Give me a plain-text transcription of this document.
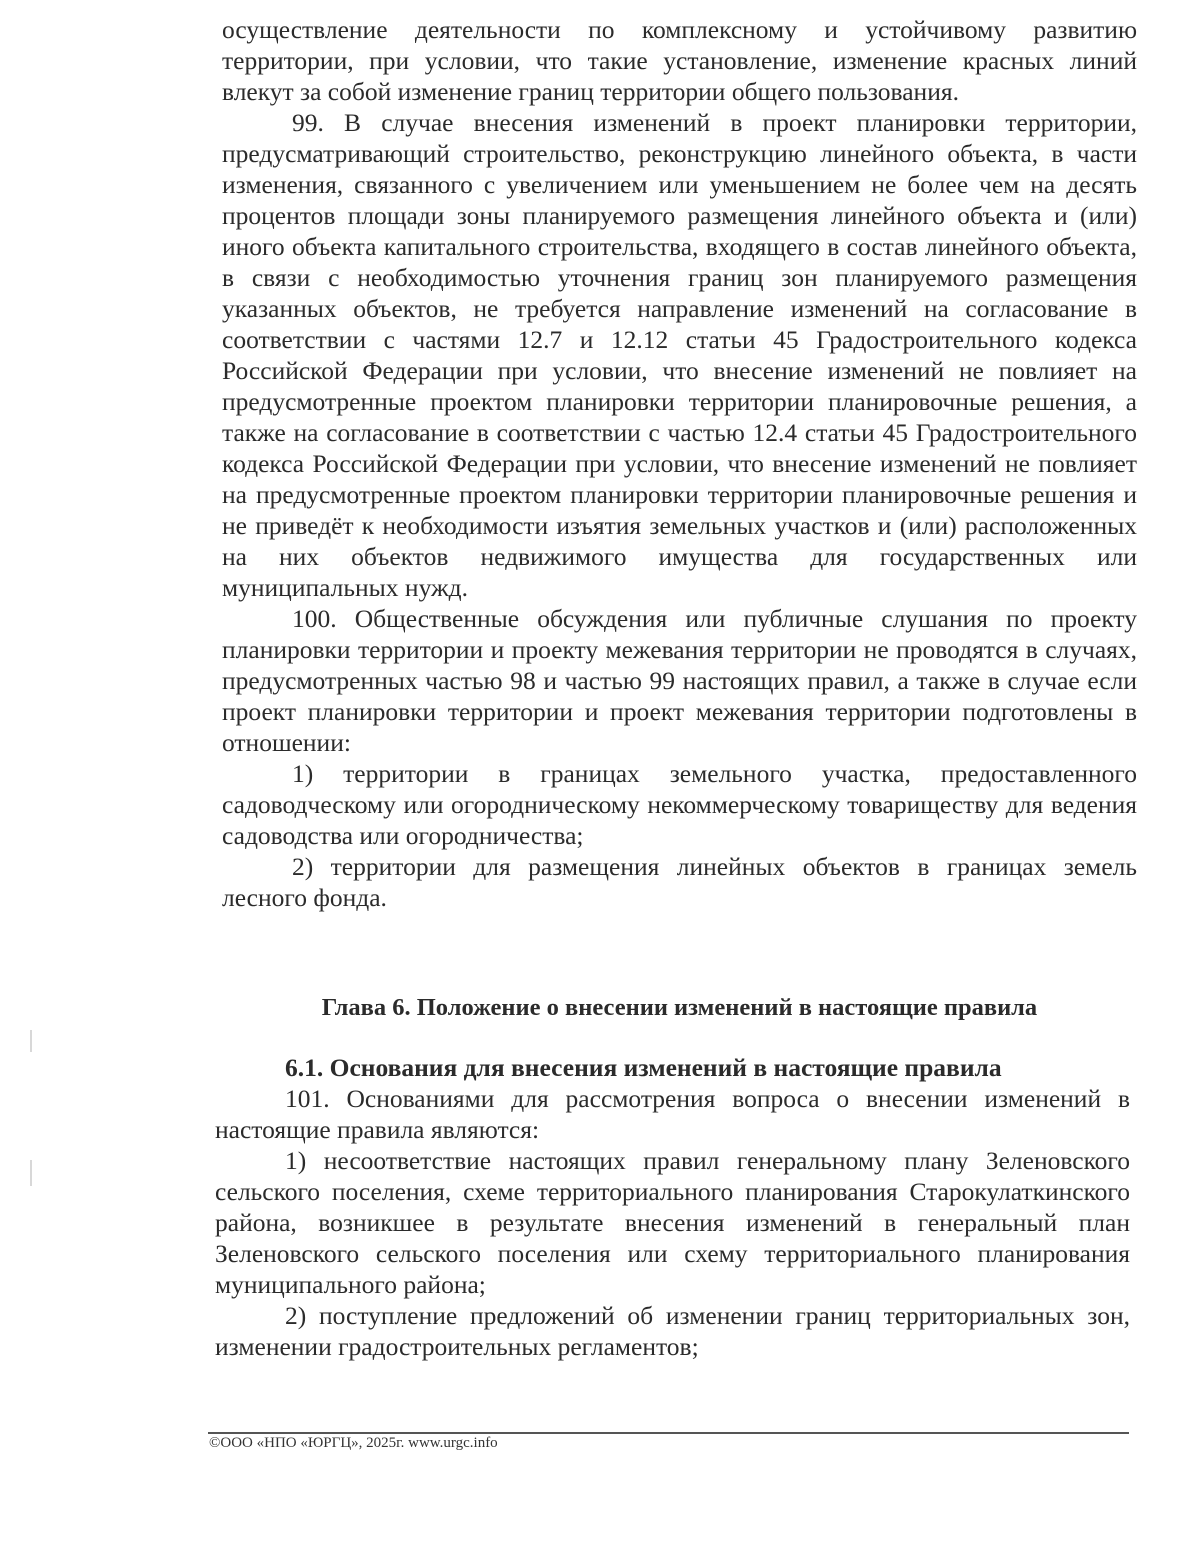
осуществление деятельности по комплексному и устойчивому развитию территории, при условии, что такие установление, изменение красных линий влекут за собой изменение границ территории общего пользования.

99. В случае внесения изменений в проект планировки территории, предусматривающий строительство, реконструкцию линейного объекта, в части изменения, связанного с увеличением или уменьшением не более чем на десять процентов площади зоны планируемого размещения линейного объекта и (или) иного объекта капитального строительства, входящего в состав линейного объекта, в связи с необходимостью уточнения границ зон планируемого размещения указанных объектов, не требуется направление изменений на согласование в соответствии с частями 12.7 и 12.12 статьи 45 Градостроительного кодекса Российской Федерации при условии, что внесение изменений не повлияет на предусмотренные проектом планировки территории планировочные решения, а также на согласование в соответствии с частью 12.4 статьи 45 Градостроительного кодекса Российской Федерации при условии, что внесение изменений не повлияет на предусмотренные проектом планировки территории планировочные решения и не приведёт к необходимости изъятия земельных участков и (или) расположенных на них объектов недвижимого имущества для государственных или муниципальных нужд.

100. Общественные обсуждения или публичные слушания по проекту планировки территории и проекту межевания территории не проводятся в случаях, предусмотренных частью 98 и частью 99 настоящих правил, а также в случае если проект планировки территории и проект межевания территории подготовлены в отношении:

1) территории в границах земельного участка, предоставленного садоводческому или огородническому некоммерческому товариществу для ведения садоводства или огородничества;

2) территории для размещения линейных объектов в границах земель лесного фонда.

Глава 6. Положение о внесении изменений в настоящие правила

6.1. Основания для внесения изменений в настоящие правила

101. Основаниями для рассмотрения вопроса о внесении изменений в настоящие правила являются:

1) несоответствие настоящих правил генеральному плану Зеленовского сельского поселения, схеме территориального планирования Старокулаткинского района, возникшее в результате внесения изменений в генеральный план Зеленовского сельского поселения или схему территориального планирования муниципального района;

2) поступление предложений об изменении границ территориальных зон, изменении градостроительных регламентов;

©ООО «НПО «ЮРГЦ», 2025г. www.urgc.info
